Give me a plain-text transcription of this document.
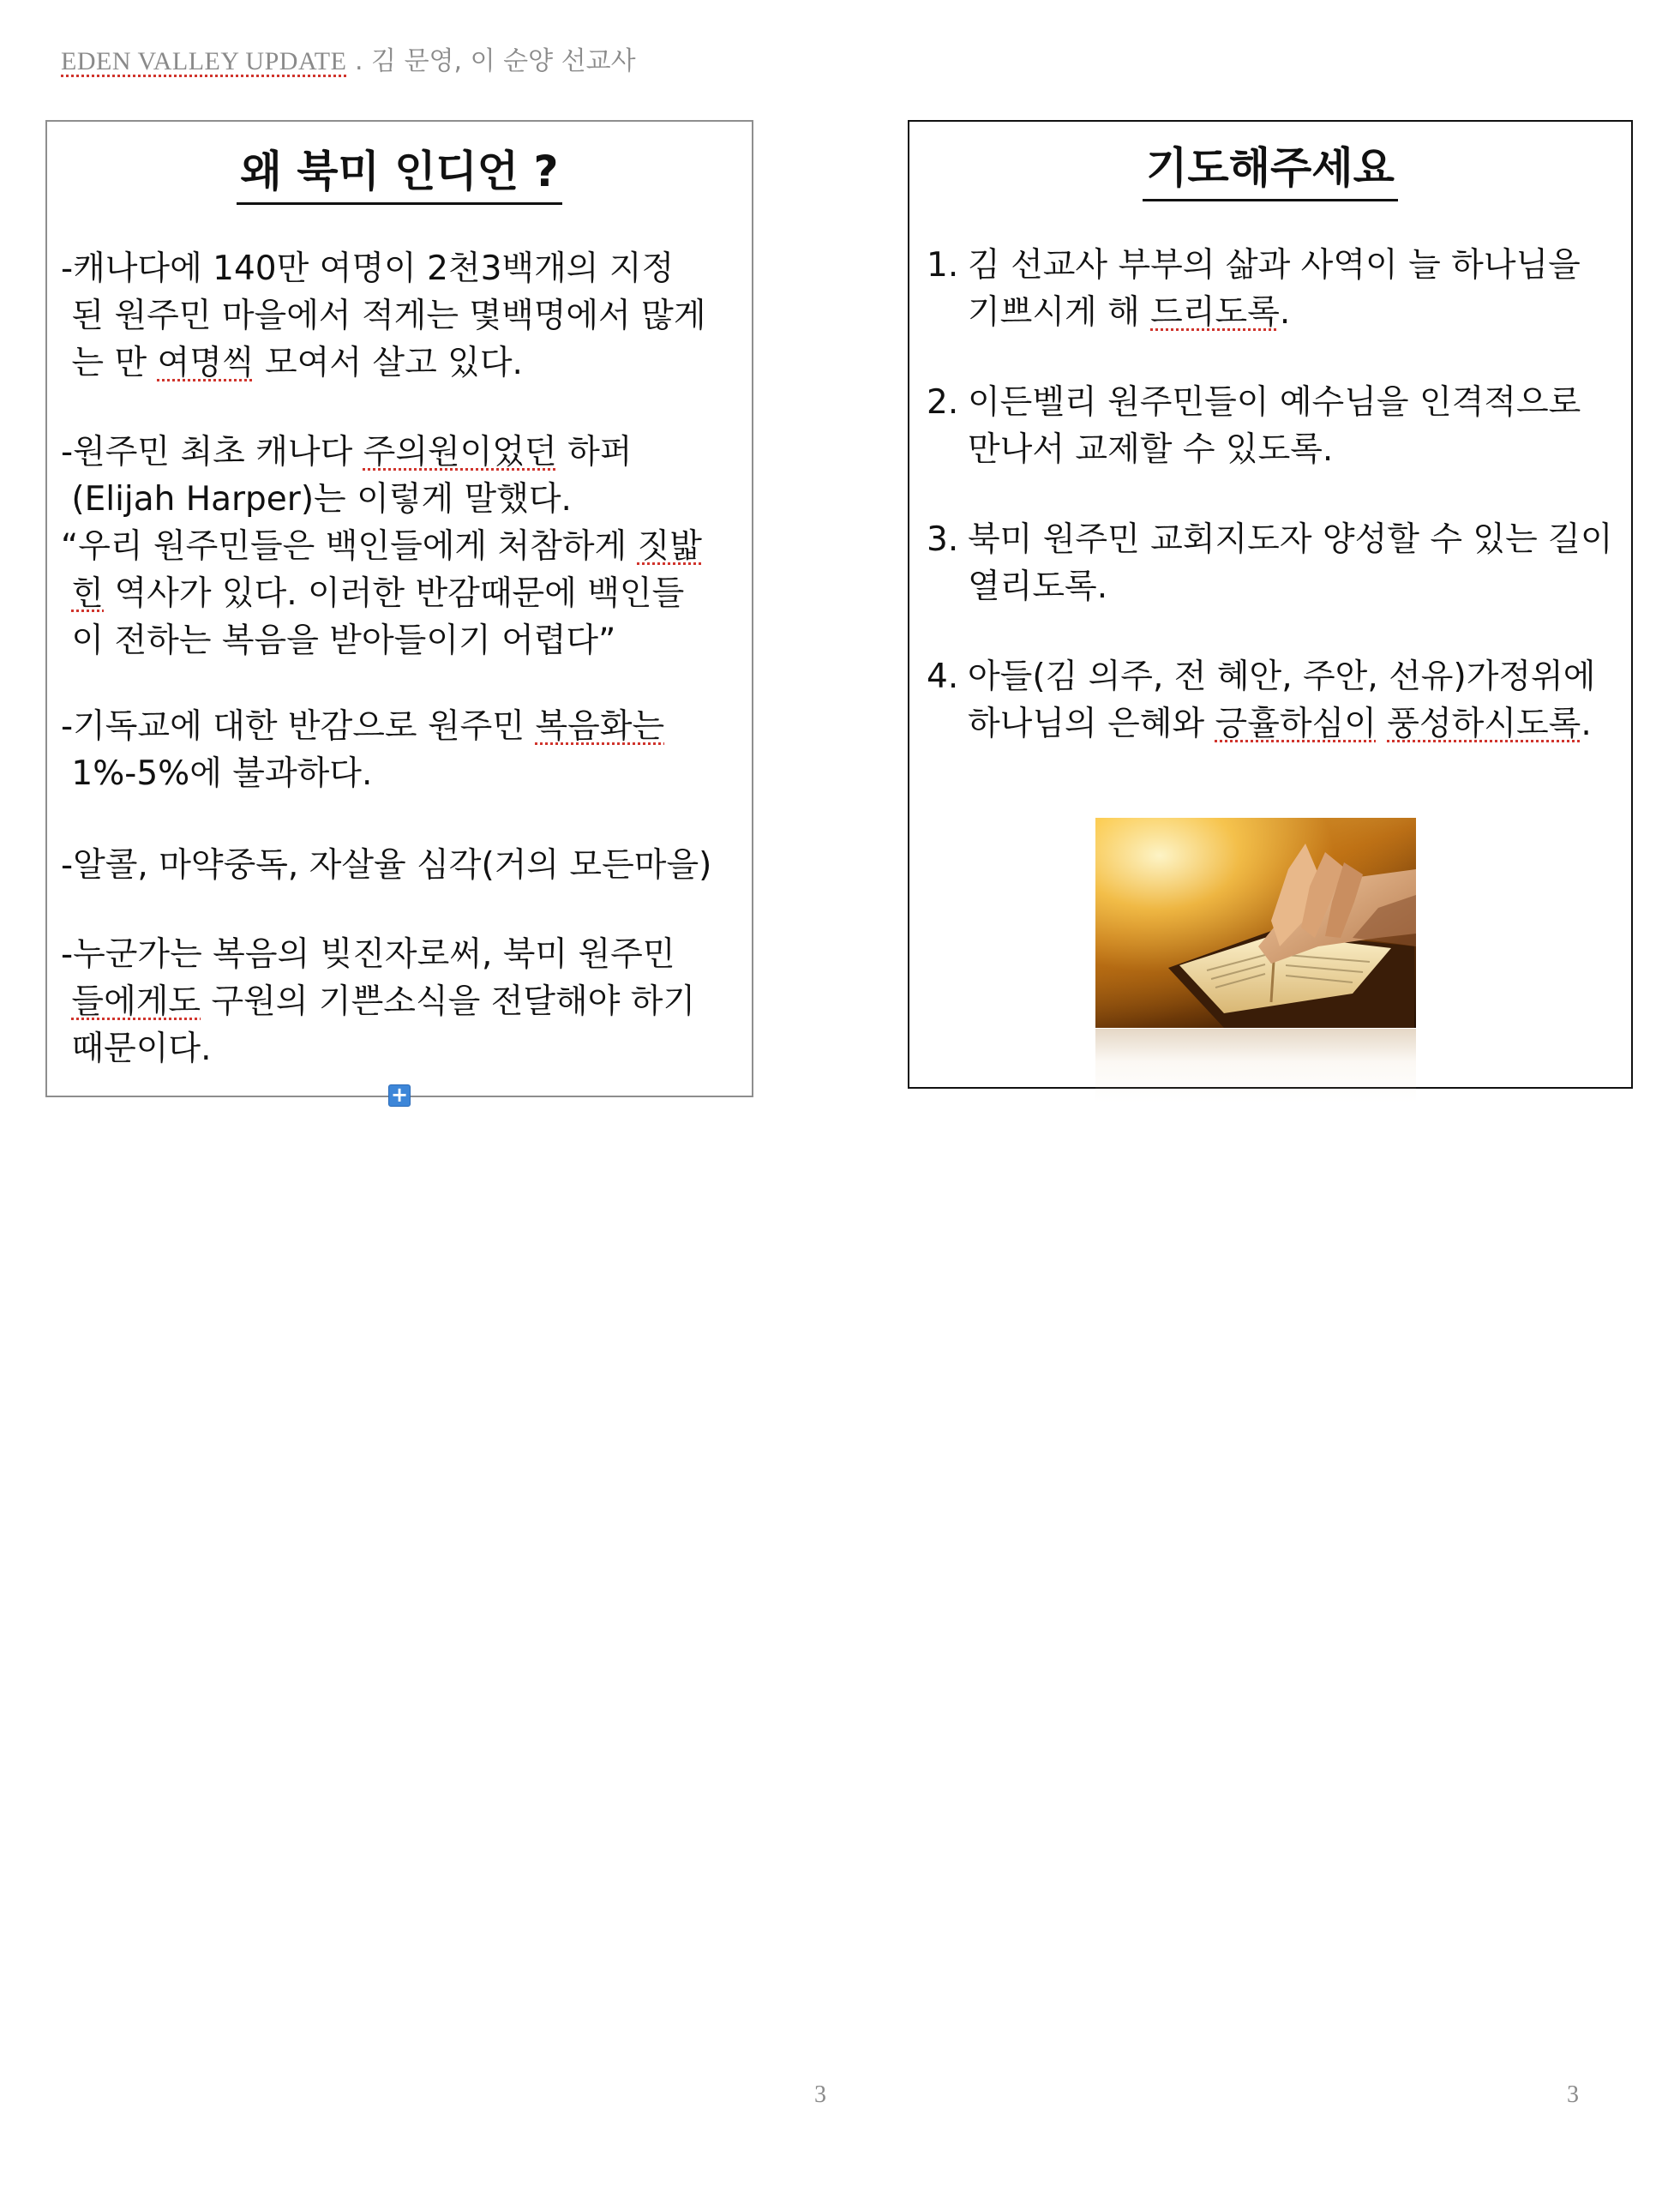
EDEN VALLEY UPDATE . 김 문영, 이 순양 선교사
왜 북미 인디언 ?

-캐나다에 140만 여명이 2천3백개의 지정
된 원주민 마을에서 적게는 몇백명에서 많게
는 만 여명씩 모여서 살고 있다.

-원주민 최초 캐나다 주의원이었던 하퍼
(Elijah Harper)는 이렇게 말했다.
“우리 원주민들은 백인들에게 처참하게 짓밟
힌 역사가 있다. 이러한 반감때문에 백인들
이 전하는 복음을 받아들이기 어렵다”

-기독교에 대한 반감으로 원주민 복음화는
1%-5%에 불과하다.

-알콜, 마약중독, 자살율 심각(거의 모든마을)

-누군가는 복음의 빚진자로써, 북미 원주민
들에게도 구원의 기쁜소식을 전달해야 하기
때문이다.

+
기도해주세요
1. 김 선교사 부부의 삶과 사역이 늘 하나님을
기쁘시게 해 드리도록.
2. 이든벨리 원주민들이 예수님을 인격적으로
만나서 교제할 수 있도록.
3. 북미 원주민 교회지도자 양성할 수 있는 길이
열리도록.
4. 아들(김 의주, 전 혜안, 주안, 선유)가정위에
하나님의 은혜와 긍휼하심이 풍성하시도록.
3	3
